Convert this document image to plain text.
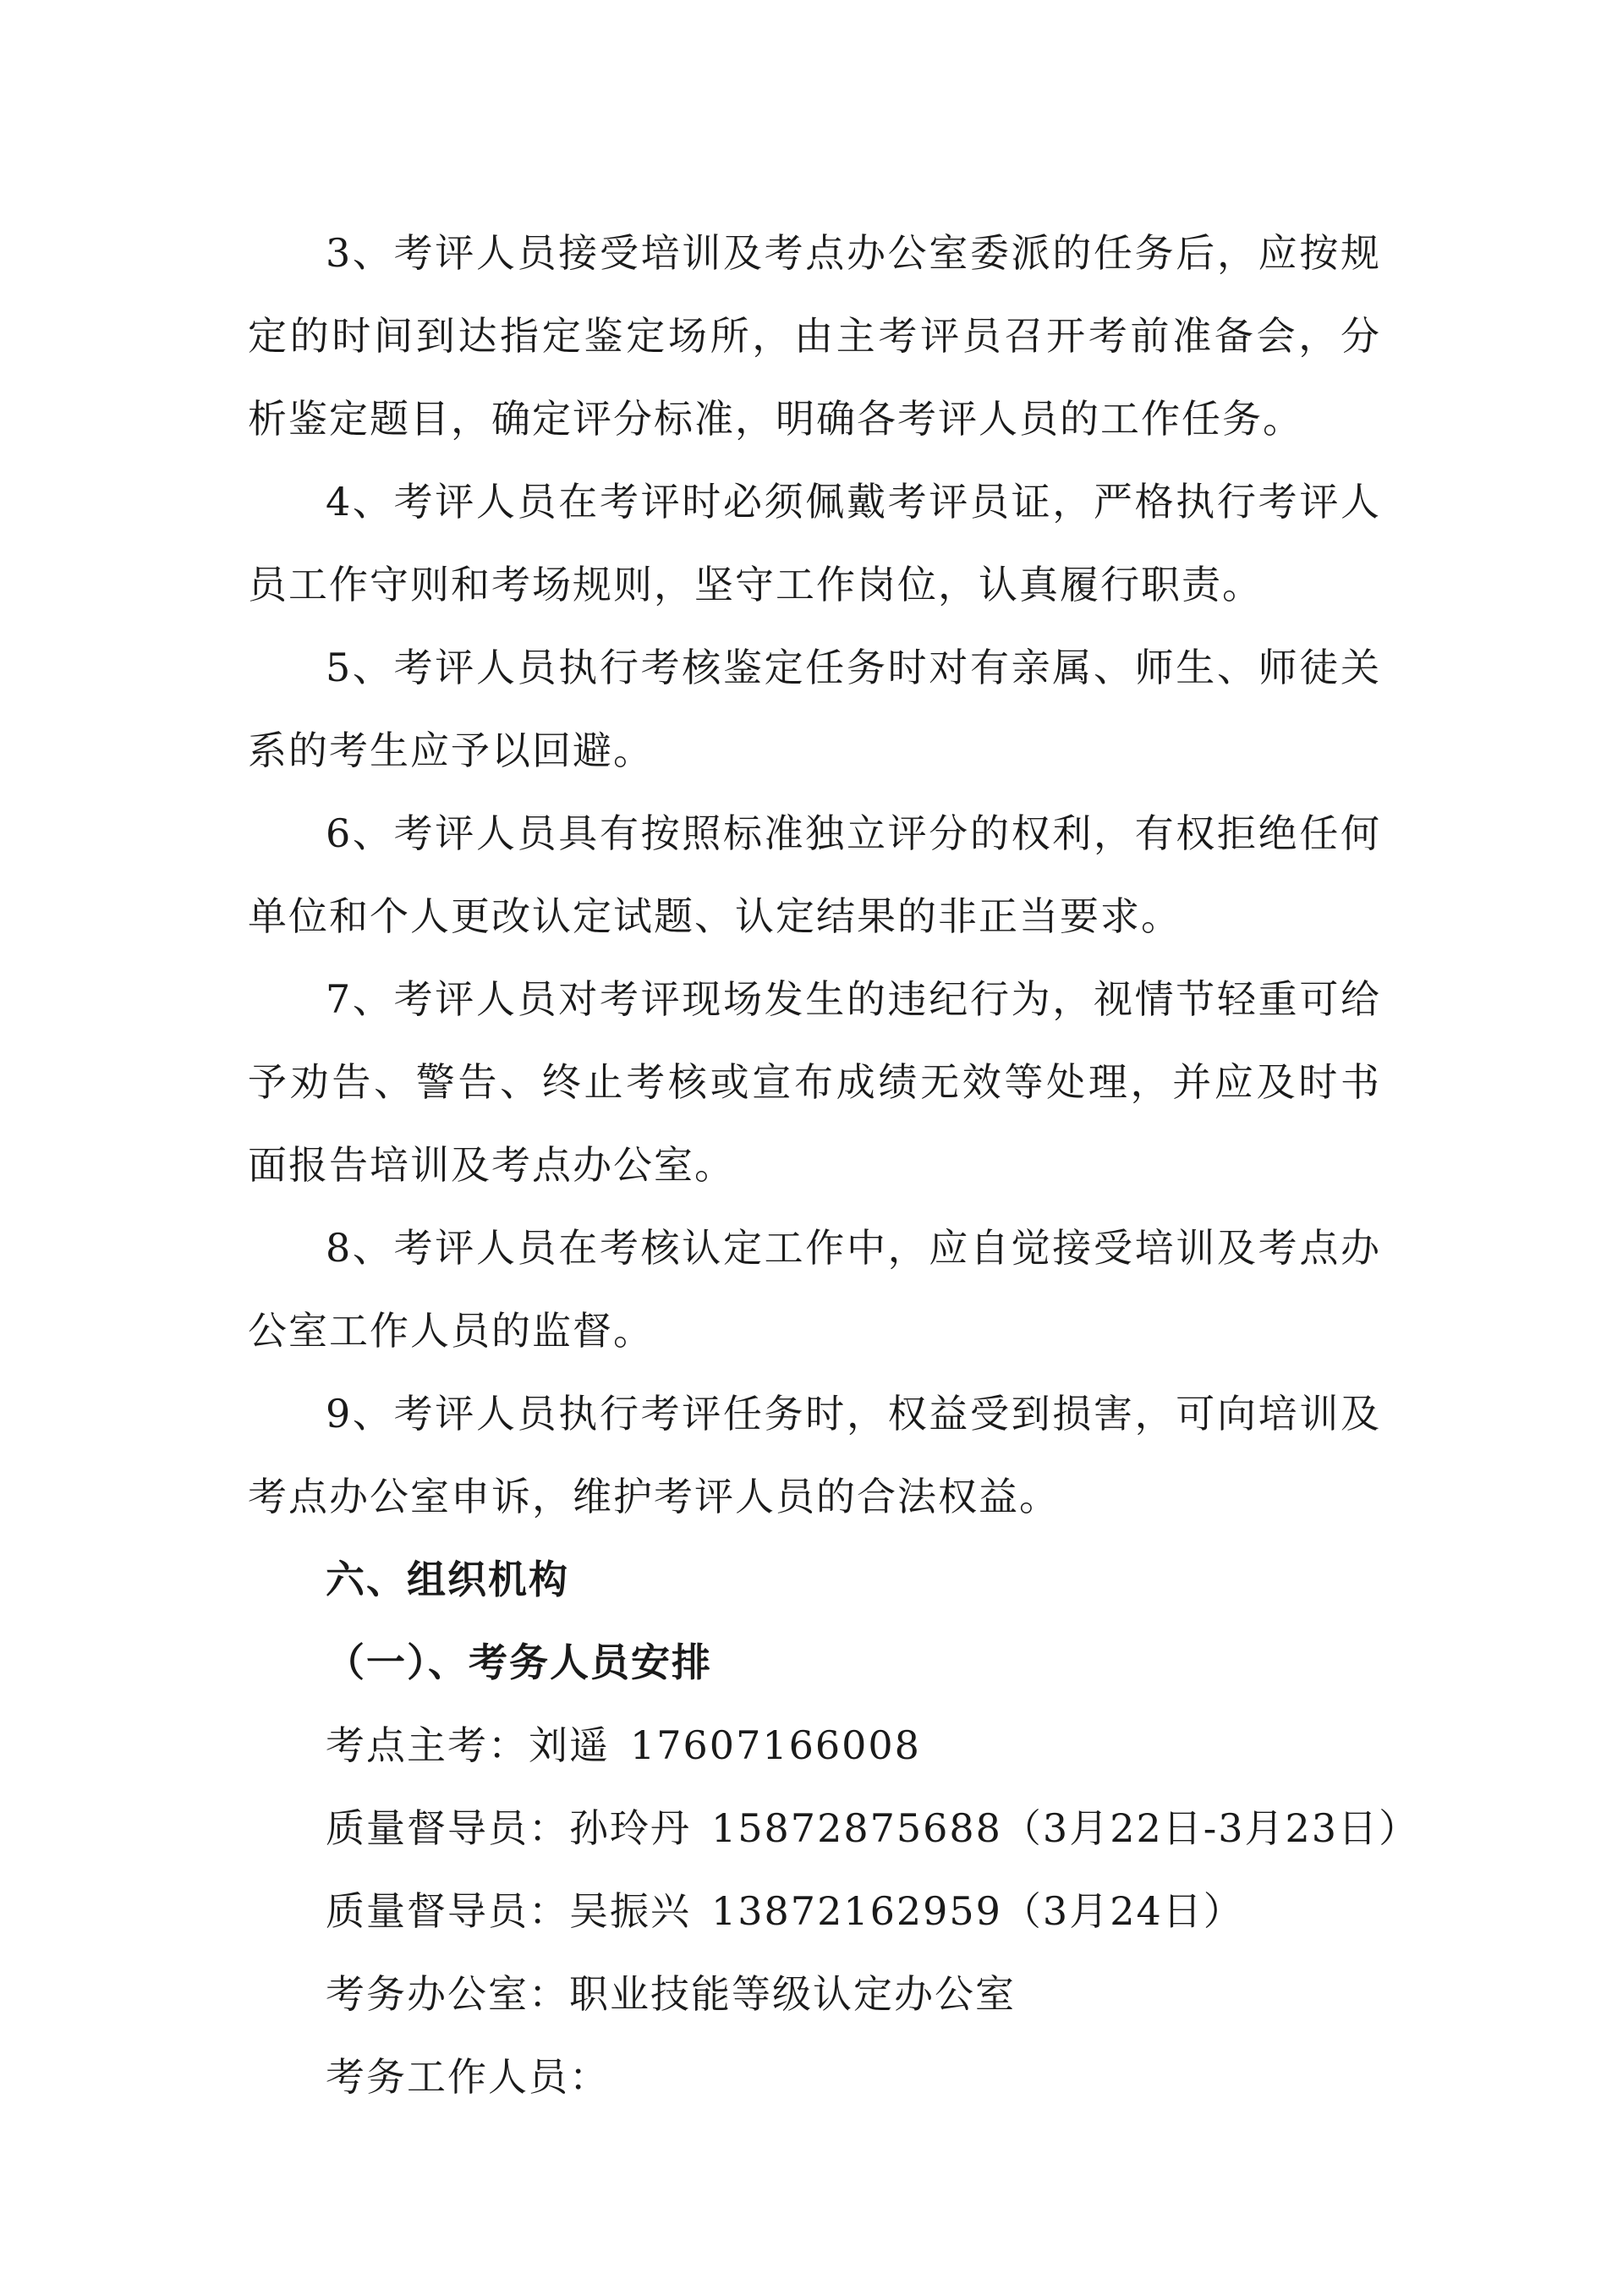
3、考评人员接受培训及考点办公室委派的任务后，应按规定的时间到达指定鉴定场所，由主考评员召开考前准备会，分析鉴定题目，确定评分标准，明确各考评人员的工作任务。

4、考评人员在考评时必须佩戴考评员证，严格执行考评人员工作守则和考场规则，坚守工作岗位，认真履行职责。

5、考评人员执行考核鉴定任务时对有亲属、师生、师徒关系的考生应予以回避。

6、考评人员具有按照标准独立评分的权利，有权拒绝任何单位和个人更改认定试题、认定结果的非正当要求。

7、考评人员对考评现场发生的违纪行为，视情节轻重可给予劝告、警告、终止考核或宣布成绩无效等处理，并应及时书面报告培训及考点办公室。

8、考评人员在考核认定工作中，应自觉接受培训及考点办公室工作人员的监督。

9、考评人员执行考评任务时，权益受到损害，可向培训及考点办公室申诉，维护考评人员的合法权益。

六、组织机构

（一）、考务人员安排

考点主考：刘遥 17607166008

质量督导员：孙玲丹 15872875688（3月22日-3月23日）

质量督导员：吴振兴 13872162959（3月24日）

考务办公室：职业技能等级认定办公室

考务工作人员：
